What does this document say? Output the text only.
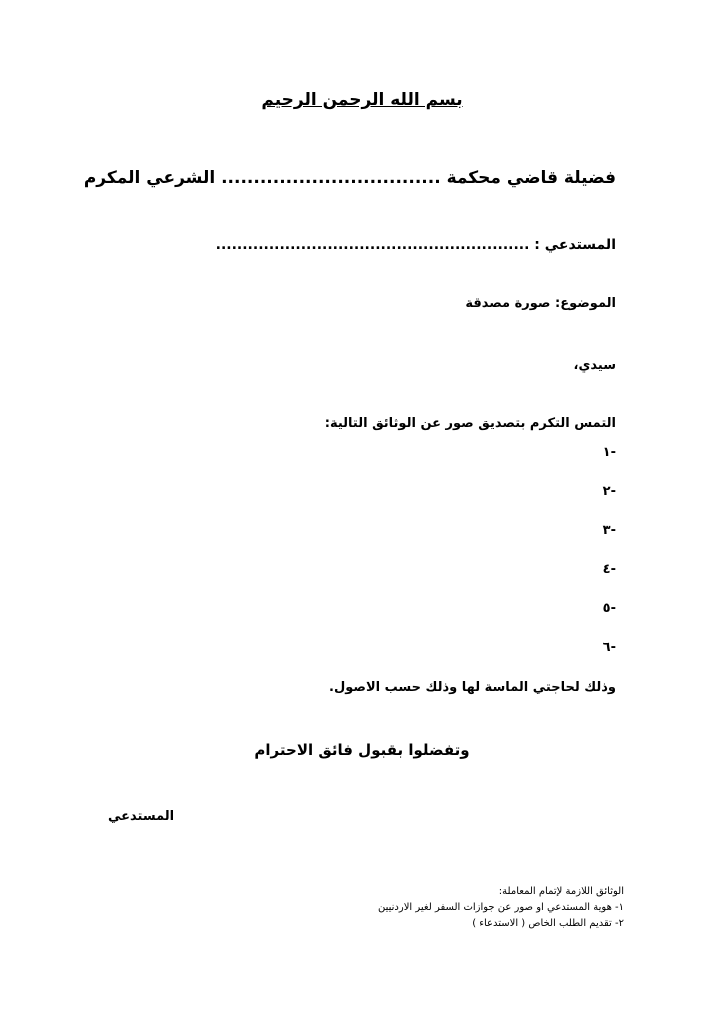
بسم الله الرحمن الرحيم
فضيلة قاضي محكمة .................................. الشرعي المكرم
المستدعي : ...........................................................
الموضوع: صورة مصدقة
سيدي،
التمس التكرم بتصديق صور عن الوثائق التالية:
١-
٢-
٣-
٤-
٥-
٦-
وذلك لحاجتي الماسة لها وذلك حسب الاصول.
وتفضلوا بقبول فائق الاحترام
المستدعي
الوثائق اللازمة لإتمام المعاملة:
١- هوية المستدعي او صور عن جوازات السفر لغير الاردنيين
٢- تقديم الطلب الخاص ( الاستدعاء )
